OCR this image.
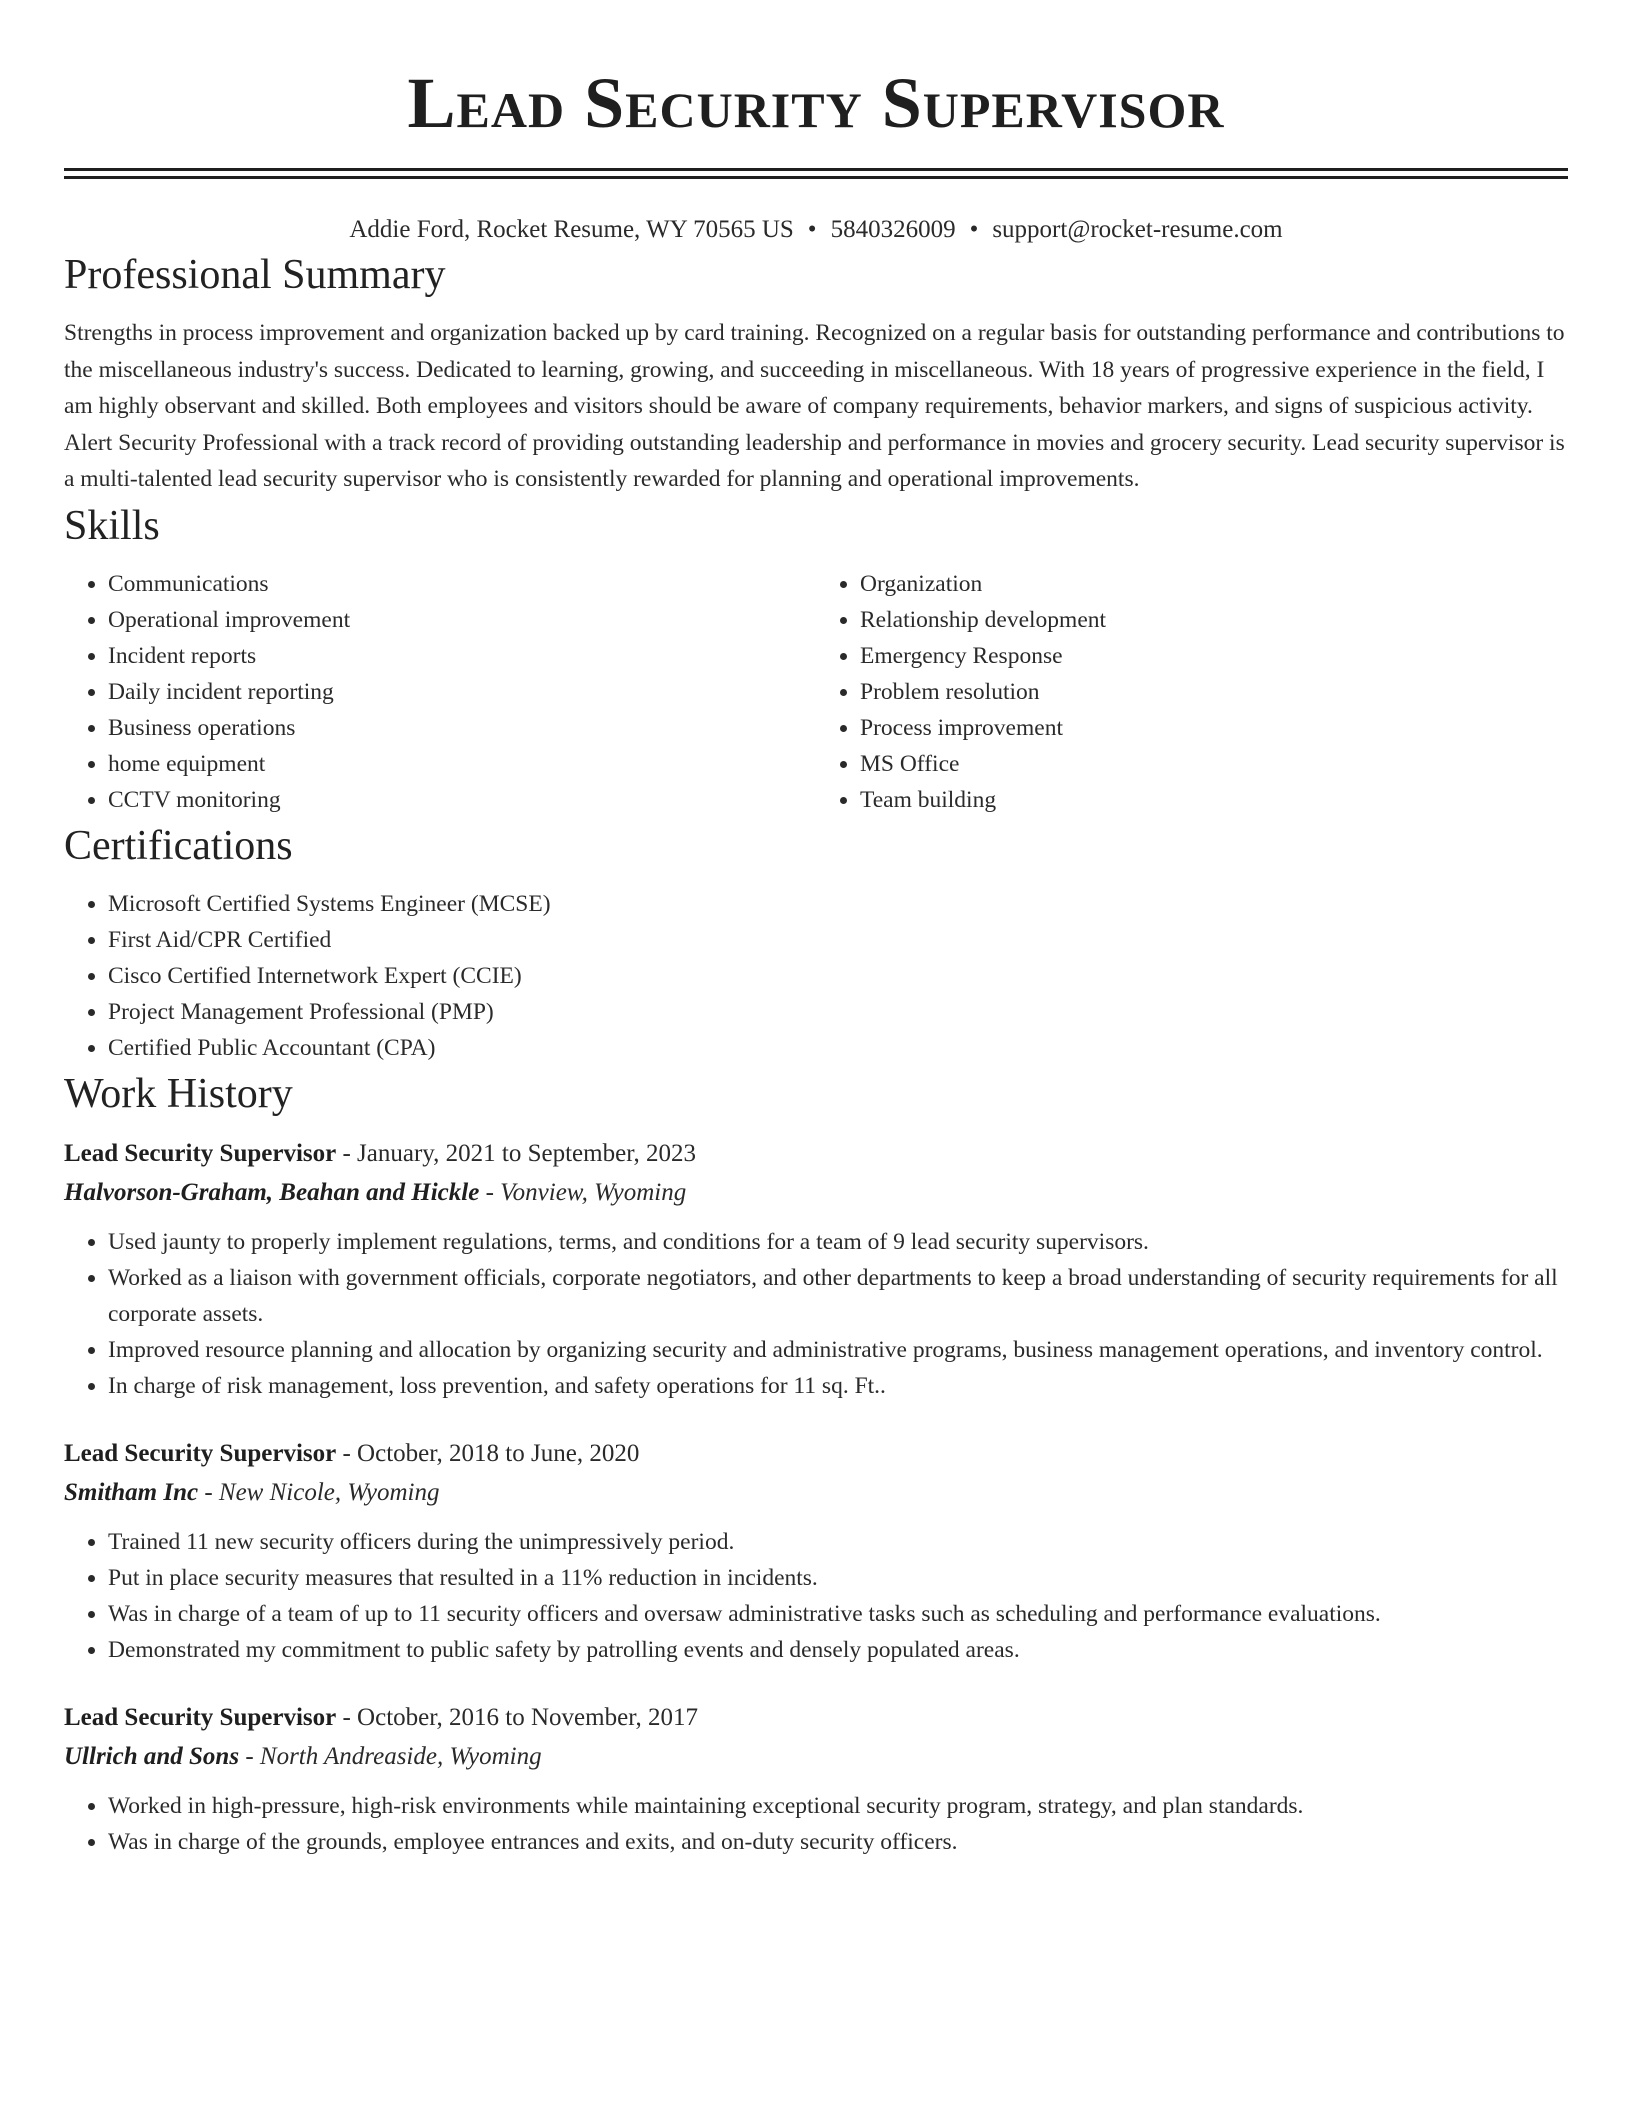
Lead Security Supervisor
Addie Ford, Rocket Resume, WY 70565 US • 5840326009 • support@rocket-resume.com
Professional Summary

Strengths in process improvement and organization backed up by card training. Recognized on a regular basis for outstanding performance and contributions to the miscellaneous industry's success. Dedicated to learning, growing, and succeeding in miscellaneous. With 18 years of progressive experience in the field, I am highly observant and skilled. Both employees and visitors should be aware of company requirements, behavior markers, and signs of suspicious activity. Alert Security Professional with a track record of providing outstanding leadership and performance in movies and grocery security. Lead security supervisor is a multi-talented lead security supervisor who is consistently rewarded for planning and operational improvements.

Skills
• Communications
• Operational improvement
• Incident reports
• Daily incident reporting
• Business operations
• home equipment
• CCTV monitoring
• Organization
• Relationship development
• Emergency Response
• Problem resolution
• Process improvement
• MS Office
• Team building
Certifications
• Microsoft Certified Systems Engineer (MCSE)
• First Aid/CPR Certified
• Cisco Certified Internetwork Expert (CCIE)
• Project Management Professional (PMP)
• Certified Public Accountant (CPA)
Work History
Lead Security Supervisor - January, 2021 to September, 2023
Halvorson-Graham, Beahan and Hickle - Vonview, Wyoming
• Used jaunty to properly implement regulations, terms, and conditions for a team of 9 lead security supervisors.
• Worked as a liaison with government officials, corporate negotiators, and other departments to keep a broad understanding of security requirements for all corporate assets.
• Improved resource planning and allocation by organizing security and administrative programs, business management operations, and inventory control.
• In charge of risk management, loss prevention, and safety operations for 11 sq. Ft..
Lead Security Supervisor - October, 2018 to June, 2020
Smitham Inc - New Nicole, Wyoming
• Trained 11 new security officers during the unimpressively period.
• Put in place security measures that resulted in a 11% reduction in incidents.
• Was in charge of a team of up to 11 security officers and oversaw administrative tasks such as scheduling and performance evaluations.
• Demonstrated my commitment to public safety by patrolling events and densely populated areas.
Lead Security Supervisor - October, 2016 to November, 2017
Ullrich and Sons - North Andreaside, Wyoming
• Worked in high-pressure, high-risk environments while maintaining exceptional security program, strategy, and plan standards.
• Was in charge of the grounds, employee entrances and exits, and on-duty security officers.
